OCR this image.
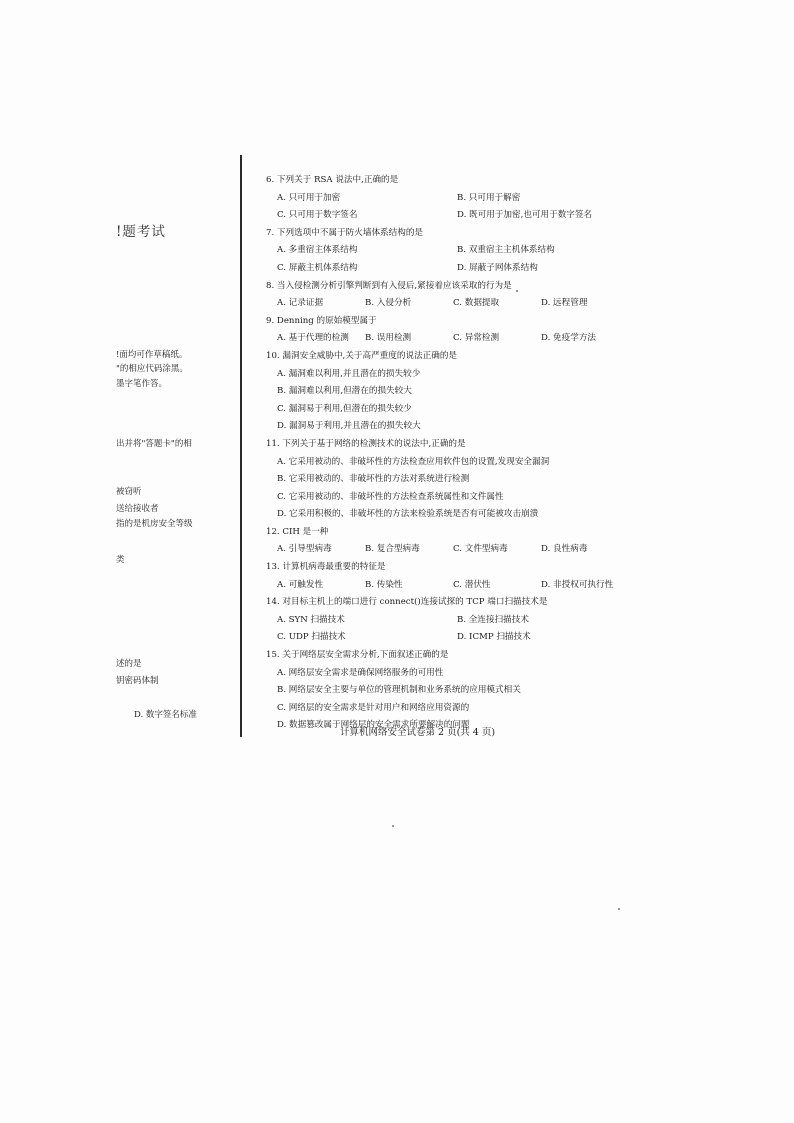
!题考试
!面均可作草稿纸。
"的相应代码涂黑。
墨字笔作答。
出并将"答题卡"的相
被窃听
送给接收者
指的是机房安全等级
类
述的是
钥密码体制
D. 数字签名标准
6. 下列关于 RSA 说法中,正确的是
A. 只可用于加密	B. 只可用于解密
C. 只可用于数字签名	D. 既可用于加密,也可用于数字签名
7. 下列选项中不属于防火墙体系结构的是
A. 多重宿主体系结构	B. 双重宿主主机体系结构
C. 屏蔽主机体系结构	D. 屏蔽子网体系结构
8. 当入侵检测分析引擎判断到有入侵后,紧接着应该采取的行为是
A. 记录证据	B. 入侵分析	C. 数据提取	D. 远程管理
9. Denning 的原始模型属于
A. 基于代理的检测	B. 误用检测	C. 异常检测	D. 免疫学方法
10. 漏洞安全威胁中,关于高严重度的说法正确的是
A. 漏洞难以利用,并且潜在的损失较少
B. 漏洞难以利用,但潜在的损失较大
C. 漏洞易于利用,但潜在的损失较少
D. 漏洞易于利用,并且潜在的损失较大
11. 下列关于基于网络的检测技术的说法中,正确的是
A. 它采用被动的、非破坏性的方法检查应用软件包的设置,发现安全漏洞
B. 它采用被动的、非破坏性的方法对系统进行检测
C. 它采用被动的、非破坏性的方法检查系统属性和文件属性
D. 它采用积极的、非破坏性的方法来检验系统是否有可能被攻击崩溃
12. CIH 是一种
A. 引导型病毒	B. 复合型病毒	C. 文件型病毒	D. 良性病毒
13. 计算机病毒最重要的特征是
A. 可触发性	B. 传染性	C. 潜伏性	D. 非授权可执行性
14. 对目标主机上的端口进行 connect()连接试探的 TCP 端口扫描技术是
A. SYN 扫描技术	B. 全连接扫描技术
C. UDP 扫描技术	D. ICMP 扫描技术
15. 关于网络层安全需求分析,下面叙述正确的是
A. 网络层安全需求是确保网络服务的可用性
B. 网络层安全主要与单位的管理机制和业务系统的应用模式相关
C. 网络层的安全需求是针对用户和网络应用资源的
D. 数据篡改属于网络层的安全需求所要解决的问题
计算机网络安全试卷第 2 页(共 4 页)
